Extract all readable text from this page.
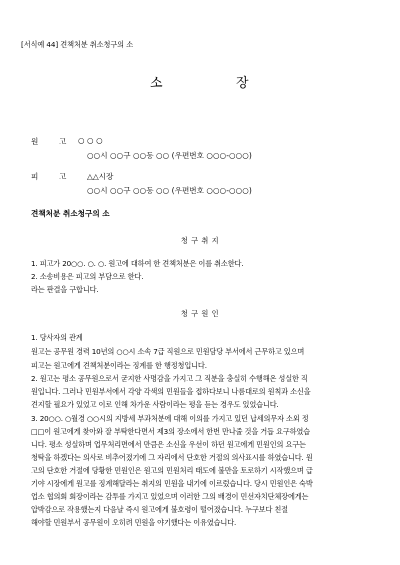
[서식예 44] 견책처분 취소청구의 소
소	장
원	고 ○ ○ ○
○○시 ○○구 ○○동 ○○ (우편번호 ○○○-○○○)
피	고	△△시장
○○시 ○○구 ○○동 ○○ (우편번호 ○○○-○○○)
견책처분 취소청구의 소
청 구 취 지
1. 피고가 20○○. ○. ○. 원고에 대하여 한 견책처분은 이를 취소한다.
2. 소송비용은 피고의 부담으로 한다.
라는 판결을 구합니다.
청 구 원 인
1. 당사자의 관계
원고는 공무원 경력 10년의 ○○시 소속 7급 직원으로 민원담당 부서에서 근무하고 있으며
피고는 원고에게 견책처분이라는 징계를 한 행정청입니다.
2. 원고는 평소 공무원으로서 굳지한 사명감을 가지고 그 직분을 충실히 수행해온 성실한 직
원입니다. 그러나 민원부서에서 각양 각색의 민원들을 접하다보니 나름대로의 원칙과 소신을
견지할 필요가 있었고 이로 인해 차가운 사람이라는 평을 듣는 경우도 있었습니다.
3. 20○○. ○월경 ○○시의 지방세 부과처분에 대해 이의를 가지고 있던 납세의무자 소외 정
□□이 원고에게 찾아와 잘 부탁한다면서 제3의 장소에서 한번 만나줄 것을 거듭 요구하였습
니다. 평소 성실하며 업무처리면에서 만큼은 소신을 우선이 하던 원고에게 민원인의 요구는
청탁을 하겠다는 의사로 비추어졌기에 그 자리에서 단호한 거절의 의사표시를 하였습니다. 원
고의 단호한 거절에 당황한 민원인은 원고의 민원처리 태도에 불만을 토로하기 시작했으며 급
기야 시장에게 원고를 징계해달라는 취지의 민원을 내기에 이르렀습니다. 당시 민원인은 숙박
업소 협의회 회장이라는 감투를 가지고 있었으며 이러한 그의 배경이 민선자치단체장에게는
압박감으로 작용했는지 다음날 즉시 원고에게 불호령이 떨어졌습니다. 누구보다 친절
해야할 민원부서 공무원이 오히려 민원을 야기했다는 이유였습니다.
